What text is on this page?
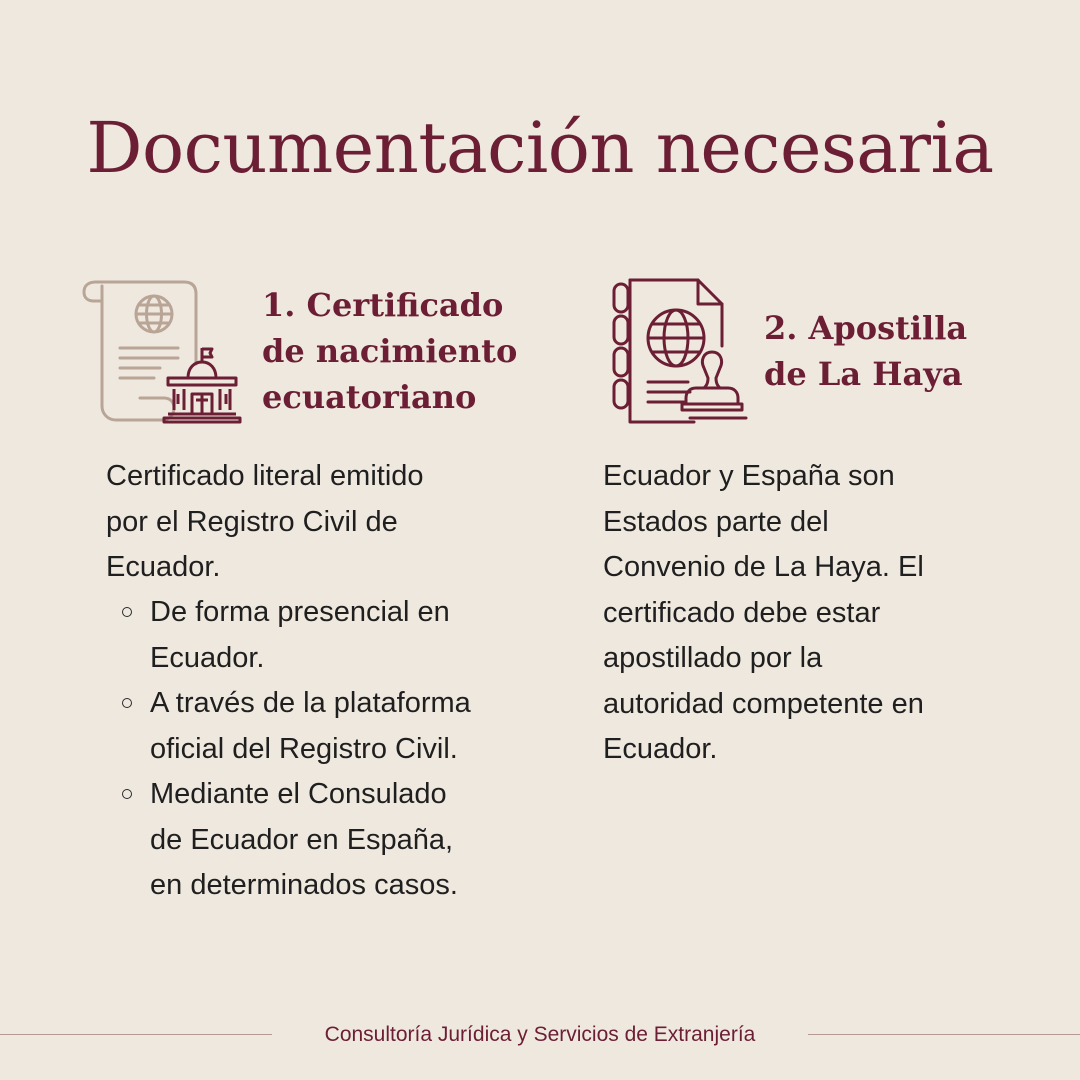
Documentación necesaria
1. Certificado
de nacimiento
ecuatoriano
2. Apostilla
de La Haya
Certificado literal emitido
por el Registro Civil de
Ecuador.
De forma presencial en
Ecuador.
A través de la plataforma
oficial del Registro Civil.
Mediante el Consulado
de Ecuador en España,
en determinados casos.
Ecuador y España son
Estados parte del
Convenio de La Haya. El
certificado debe estar
apostillado por la
autoridad competente en
Ecuador.
Consultoría Jurídica y Servicios de Extranjería
